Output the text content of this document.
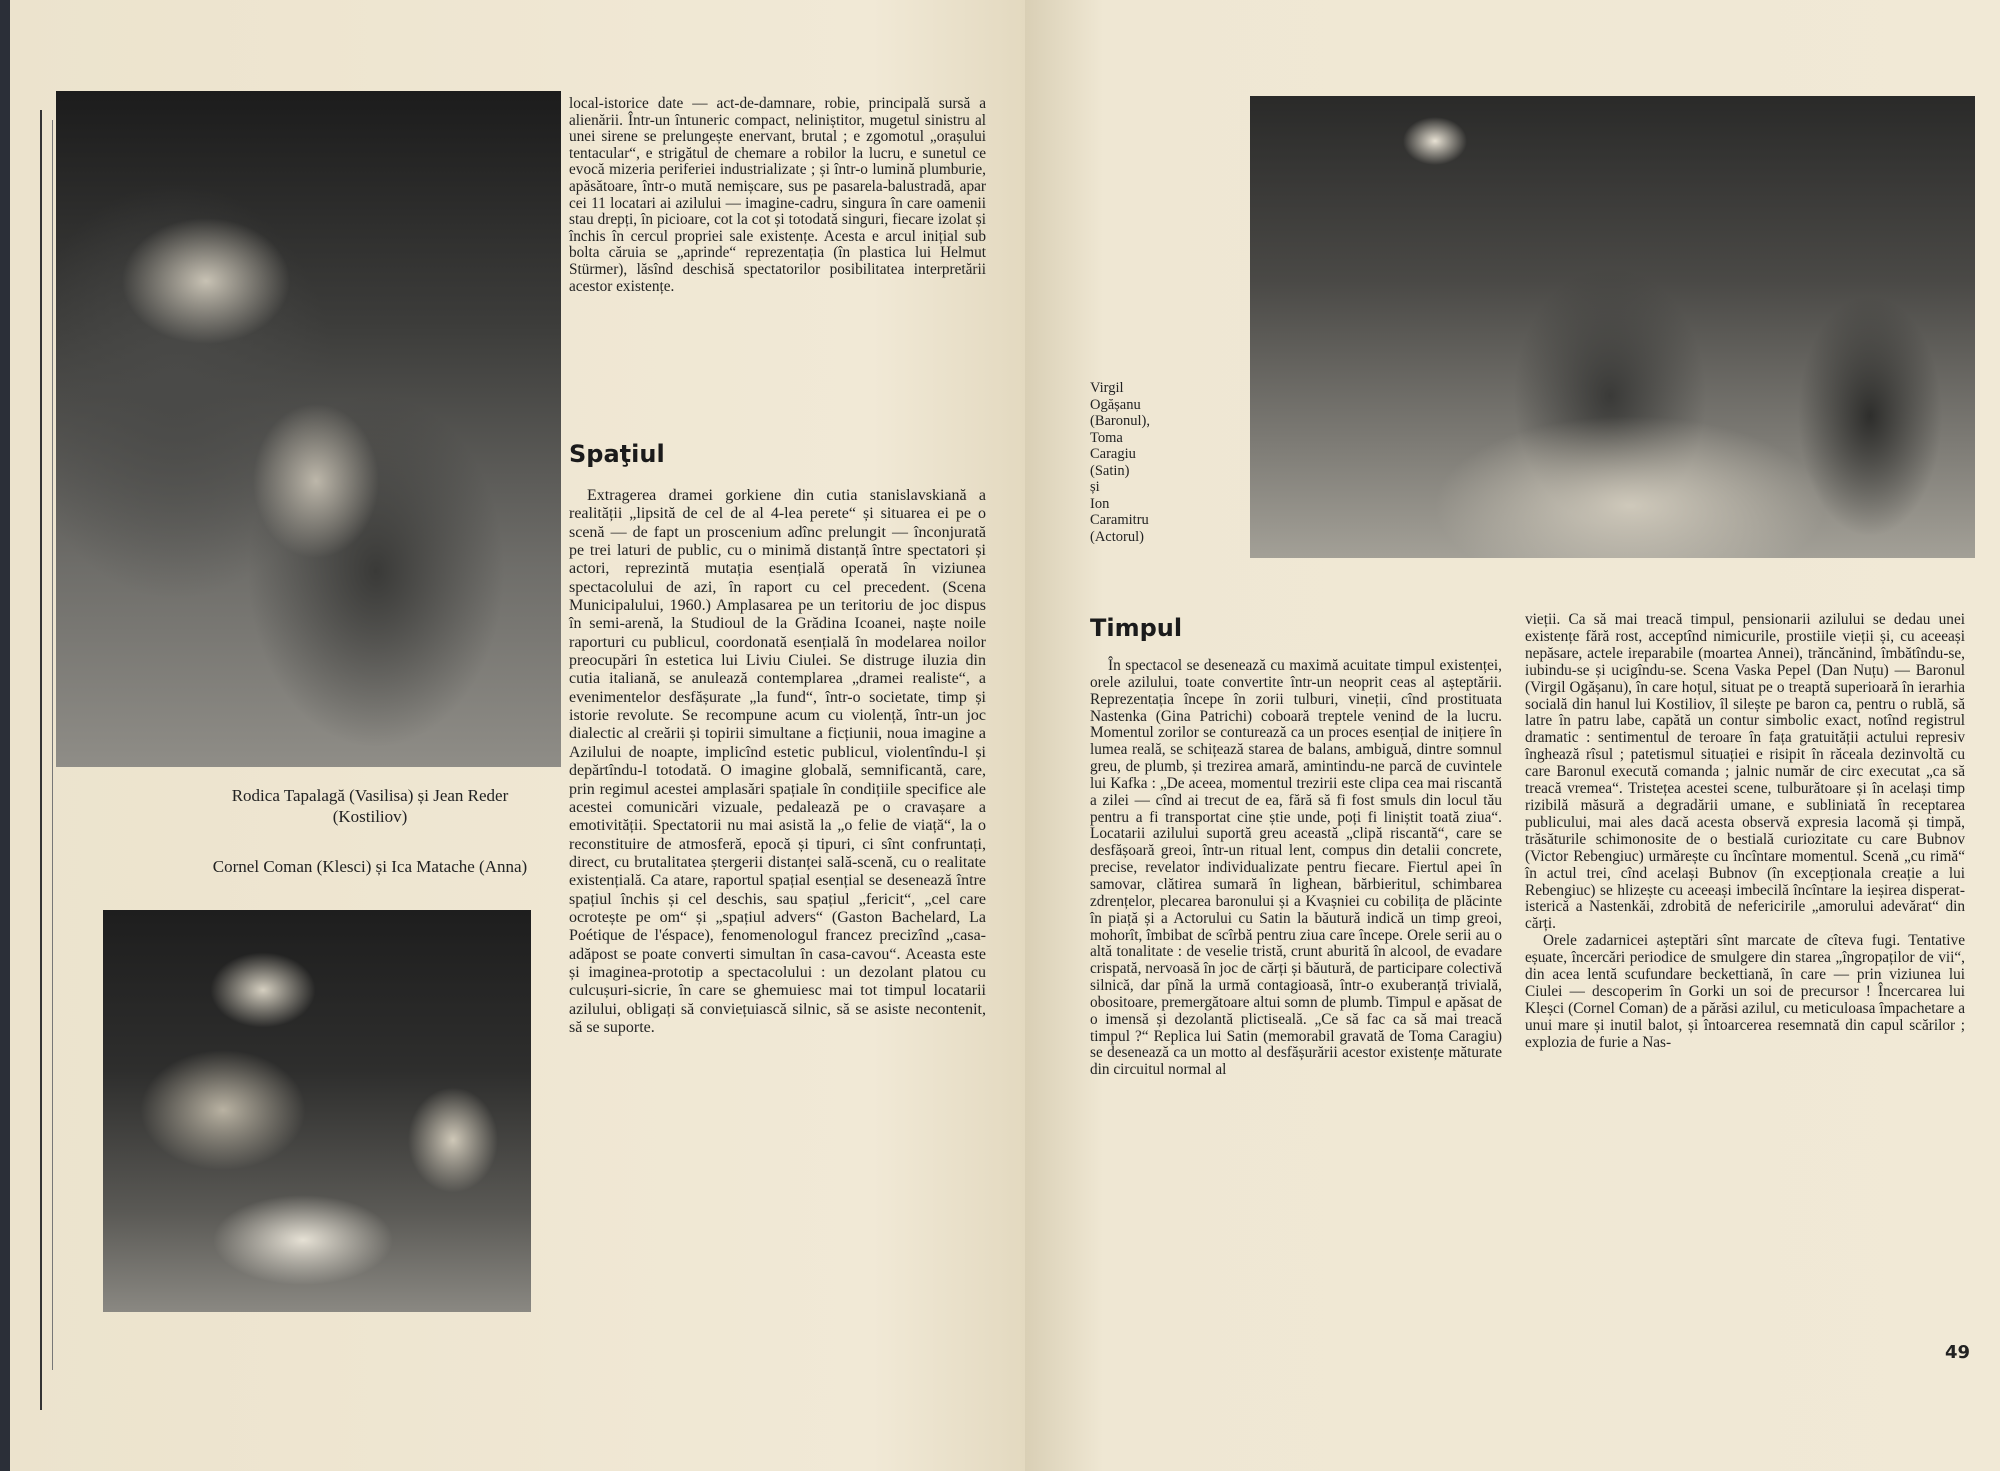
Rodica Tapalagă (Vasilisa) și Jean Reder (Kostiliov)
Cornel Coman (Klesci) și Ica Matache (Anna)

local-istorice date — act-de-damnare, robie, principală sursă a alienării. Într-un întuneric compact, neliniștitor, mugetul sinistru al unei sirene se prelungește enervant, brutal ; e zgomotul „orașului tentacular“, e strigătul de chemare a robilor la lucru, e sunetul ce evocă mizeria periferiei industrializate ; și într-o lumină plumburie, apăsătoare, într-o mută nemișcare, sus pe pasarela-balustradă, apar cei 11 locatari ai azilului — imagine-cadru, singura în care oamenii stau drepți, în picioare, cot la cot și totodată singuri, fiecare izolat și închis în cercul propriei sale existențe. Acesta e arcul inițial sub bolta căruia se „aprinde“ reprezentația (în plastica lui Helmut Stürmer), lăsînd deschisă spectatorilor posibilitatea interpretării acestor existențe.

Spaţiul

Extragerea dramei gorkiene din cutia stanislavskiană a realității „lipsită de cel de al 4-lea perete“ și situarea ei pe o scenă — de fapt un proscenium adînc prelungit — înconjurată pe trei laturi de public, cu o minimă distanță între spectatori și actori, reprezintă mutația esențială operată în viziunea spectacolului de azi, în raport cu cel precedent. (Scena Municipalului, 1960.) Amplasarea pe un teritoriu de joc dispus în semi-arenă, la Studioul de la Grădina Icoanei, naște noile raporturi cu publicul, coordonată esențială în modelarea noilor preocupări în estetica lui Liviu Ciulei. Se distruge iluzia din cutia italiană, se anulează contemplarea „dramei realiste“, a evenimentelor desfășurate „la fund“, într-o societate, timp și istorie revolute. Se recompune acum cu violență, într-un joc dialectic al creării și topirii simultane a ficțiunii, noua imagine a Azilului de noapte, implicînd estetic publicul, violentîndu-l și depărtîndu-l totodată. O imagine globală, semnificantă, care, prin regimul acestei amplasări spațiale în condițiile specifice ale acestei comunicări vizuale, pedalează pe o cravașare a emotivității. Spectatorii nu mai asistă la „o felie de viață“, la o reconstituire de atmosferă, epocă și tipuri, ci sînt confruntați, direct, cu brutalitatea ștergerii distanței sală-scenă, cu o realitate existențială. Ca atare, raportul spațial esențial se desenează între spațiul închis și cel deschis, sau spațiul „fericit“, „cel care ocrotește pe om“ și „spațiul advers“ (Gaston Bachelard, La Poétique de l'éspace), fenomenologul francez precizînd „casa-adăpost se poate converti simultan în casa-cavou“. Aceasta este și imaginea-prototip a spectacolului : un dezolant platou cu culcușuri-sicrie, în care se ghemuiesc mai tot timpul locatarii azilului, obligați să conviețuiască silnic, să se asiste necontenit, să se suporte.

Virgil
Ogășanu
(Baronul),
Toma
Caragiu
(Satin)
și
Ion
Caramitru
(Actorul)
Timpul

În spectacol se desenează cu maximă acuitate timpul existenței, orele azilului, toate convertite într-un neoprit ceas al așteptării. Reprezentația începe în zorii tulburi, vinețiі, cînd prostituata Nastenka (Gina Patrichi) coboară treptele venind de la lucru. Momentul zorilor se conturează ca un proces esențial de inițiere în lumea reală, se schițează starea de balans, ambiguă, dintre somnul greu, de plumb, și trezirea amară, amintindu-ne parcă de cuvintele lui Kafka : „De aceea, momentul trezirii este clipa cea mai riscantă a zilei — cînd ai trecut de ea, fără să fi fost smuls din locul tău pentru a fi transportat cine știe unde, poți fi liniștit toată ziua“. Locatarii azilului suportă greu această „clipă riscantă“, care se desfășoară greoi, într-un ritual lent, compus din detalii concrete, precise, revelator individualizate pentru fiecare. Fiertul apei în samovar, clătirea sumară în lighean, bărbieritul, schimbarea zdrențelor, plecarea baronului și a Kvașniei cu cobilița de plăcinte în piață și a Actorului cu Satin la băutură indică un timp greoi, mohorît, îmbibat de scîrbă pentru ziua care începe. Orele seriі au o altă tonalitate : de veselie tristă, crunt aburită în alcool, de evadare crispată, nervoasă în joc de cărți și băutură, de participare colectivă silnică, dar pînă la urmă contagioasă, într-o exuberanță trivială, obositoare, premergătoare altui somn de plumb. Timpul e apăsat de o imensă și dezolantă plictiseală. „Ce să fac ca să mai treacă timpul ?“ Replica lui Satin (memorabil gravată de Toma Caragiu) se desenează ca un motto al desfășurării acestor existențe măturate din circuitul normal al

vieții. Ca să mai treacă timpul, pensionarii azilului se dedau unei existențe fără rost, acceptînd nimicurile, prostiile vieții și, cu aceeași nepăsare, actele ireparabile (moartea Annei), trăncănind, îmbătîndu-se, iubindu-se și ucigîndu-se. Scena Vaska Pepel (Dan Nuțu) — Baronul (Virgil Ogășanu), în care hoțul, situat pe o treaptă superioară în ierarhia socială din hanul lui Kostiliov, îl silește pe baron ca, pentru o rublă, să latre în patru labe, capătă un contur simbolic exact, notînd registrul dramatic : sentimentul de teroare în fața gratuității actului represiv înghează rîsul ; patetismul situației e risipit în răceala dezinvoltă cu care Baronul execută comanda ; jalnic număr de circ executat „ca să treacă vremea“. Tristețea acestei scene, tulburătoare și în același timp rizibilă măsură a degradării umane, e subliniată în receptarea publicului, mai ales dacă acesta observă expresia lacomă și timpă, trăsăturile schimonosite de o bestială curiozitate cu care Bubnov (Victor Rebengiuc) urmărește cu încîntare momentul. Scenă „cu rimă“ în actul trei, cînd același Bubnov (în excepționala creație a lui Rebengiuc) se hlizește cu aceeași imbecilă încîntare la ieșirea disperat-isterică a Nastenkăi, zdrobită de nefericirile „amorului adevărat“ din cărți.

Orele zadarnicei așteptări sînt marcate de cîteva fugi. Tentative eșuate, încercări periodice de smulgere din starea „îngropaților de vii“, din acea lentă scufundare beckettiană, în care — prin viziunea lui Ciulei — descoperim în Gorki un soi de precursor ! Încercarea lui Kleșci (Cornel Coman) de a părăsi azilul, cu meticuloasa împachetare a unui mare și inutil balot, și întoarcerea resemnată din capul scărilor ; explozia de furie a Nas-

49
